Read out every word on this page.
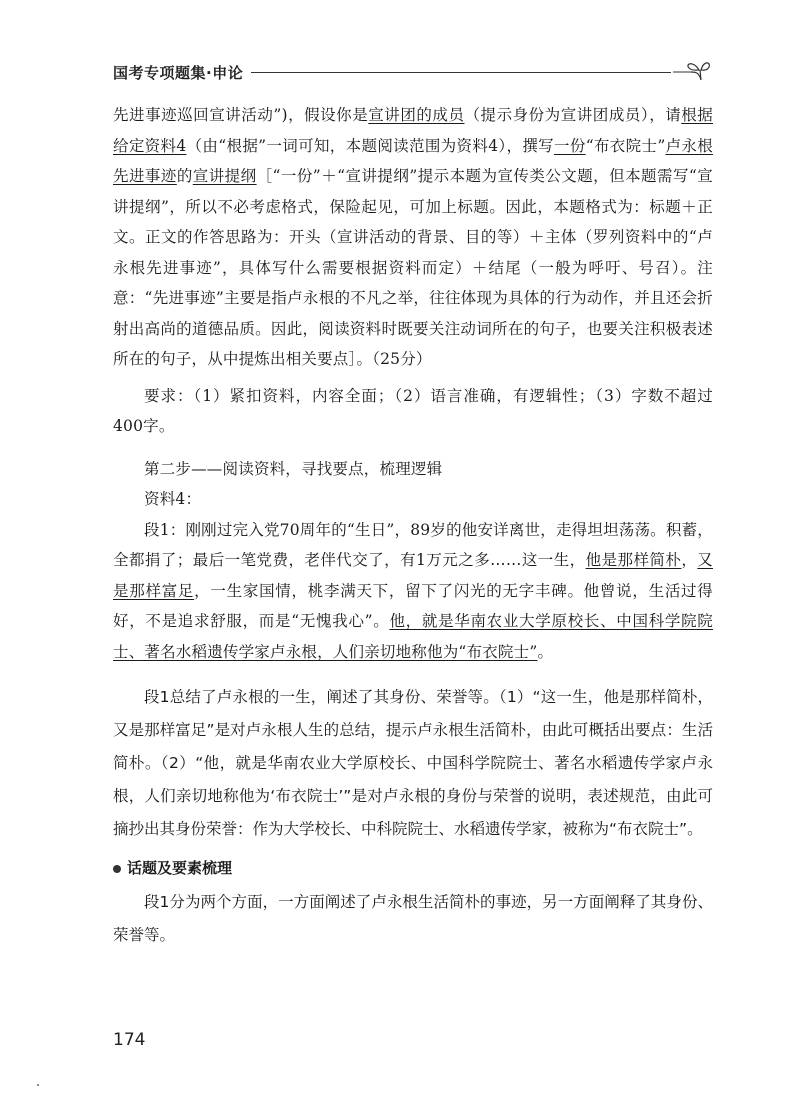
国考专项题集·申论

先进事迹巡回宣讲活动”)，假设你是宣讲团的成员（提示身份为宣讲团成员），请根据给定资料4（由“根据”一词可知，本题阅读范围为资料4），撰写一份“布衣院士”卢永根先进事迹的宣讲提纲［“一份”＋“宣讲提纲”提示本题为宣传类公文题，但本题需写“宣讲提纲”，所以不必考虑格式，保险起见，可加上标题。因此，本题格式为：标题＋正文。正文的作答思路为：开头（宣讲活动的背景、目的等）＋主体（罗列资料中的“卢永根先进事迹”，具体写什么需要根据资料而定）＋结尾（一般为呼吁、号召）。注意：“先进事迹”主要是指卢永根的不凡之举，往往体现为具体的行为动作，并且还会折射出高尚的道德品质。因此，阅读资料时既要关注动词所在的句子，也要关注积极表述所在的句子，从中提炼出相关要点］。（25分）

要求：（1）紧扣资料，内容全面；（2）语言准确，有逻辑性；（3）字数不超过400字。

第二步——阅读资料，寻找要点，梳理逻辑

资料4：

段1：刚刚过完入党70周年的“生日”，89岁的他安详离世，走得坦坦荡荡。积蓄，全都捐了；最后一笔党费，老伴代交了，有1万元之多……这一生，他是那样简朴，又是那样富足，一生家国情，桃李满天下，留下了闪光的无字丰碑。他曾说，生活过得好，不是追求舒服，而是“无愧我心”。他，就是华南农业大学原校长、中国科学院院士、著名水稻遗传学家卢永根，人们亲切地称他为“布衣院士”。

段1总结了卢永根的一生，阐述了其身份、荣誉等。（1）“这一生，他是那样简朴，又是那样富足”是对卢永根人生的总结，提示卢永根生活简朴，由此可概括出要点：生活简朴。（2）“他，就是华南农业大学原校长、中国科学院院士、著名水稻遗传学家卢永根，人们亲切地称他为‘布衣院士’”是对卢永根的身份与荣誉的说明，表述规范，由此可摘抄出其身份荣誉：作为大学校长、中科院院士、水稻遗传学家，被称为“布衣院士”。

话题及要素梳理

段1分为两个方面，一方面阐述了卢永根生活简朴的事迹，另一方面阐释了其身份、荣誉等。

174
